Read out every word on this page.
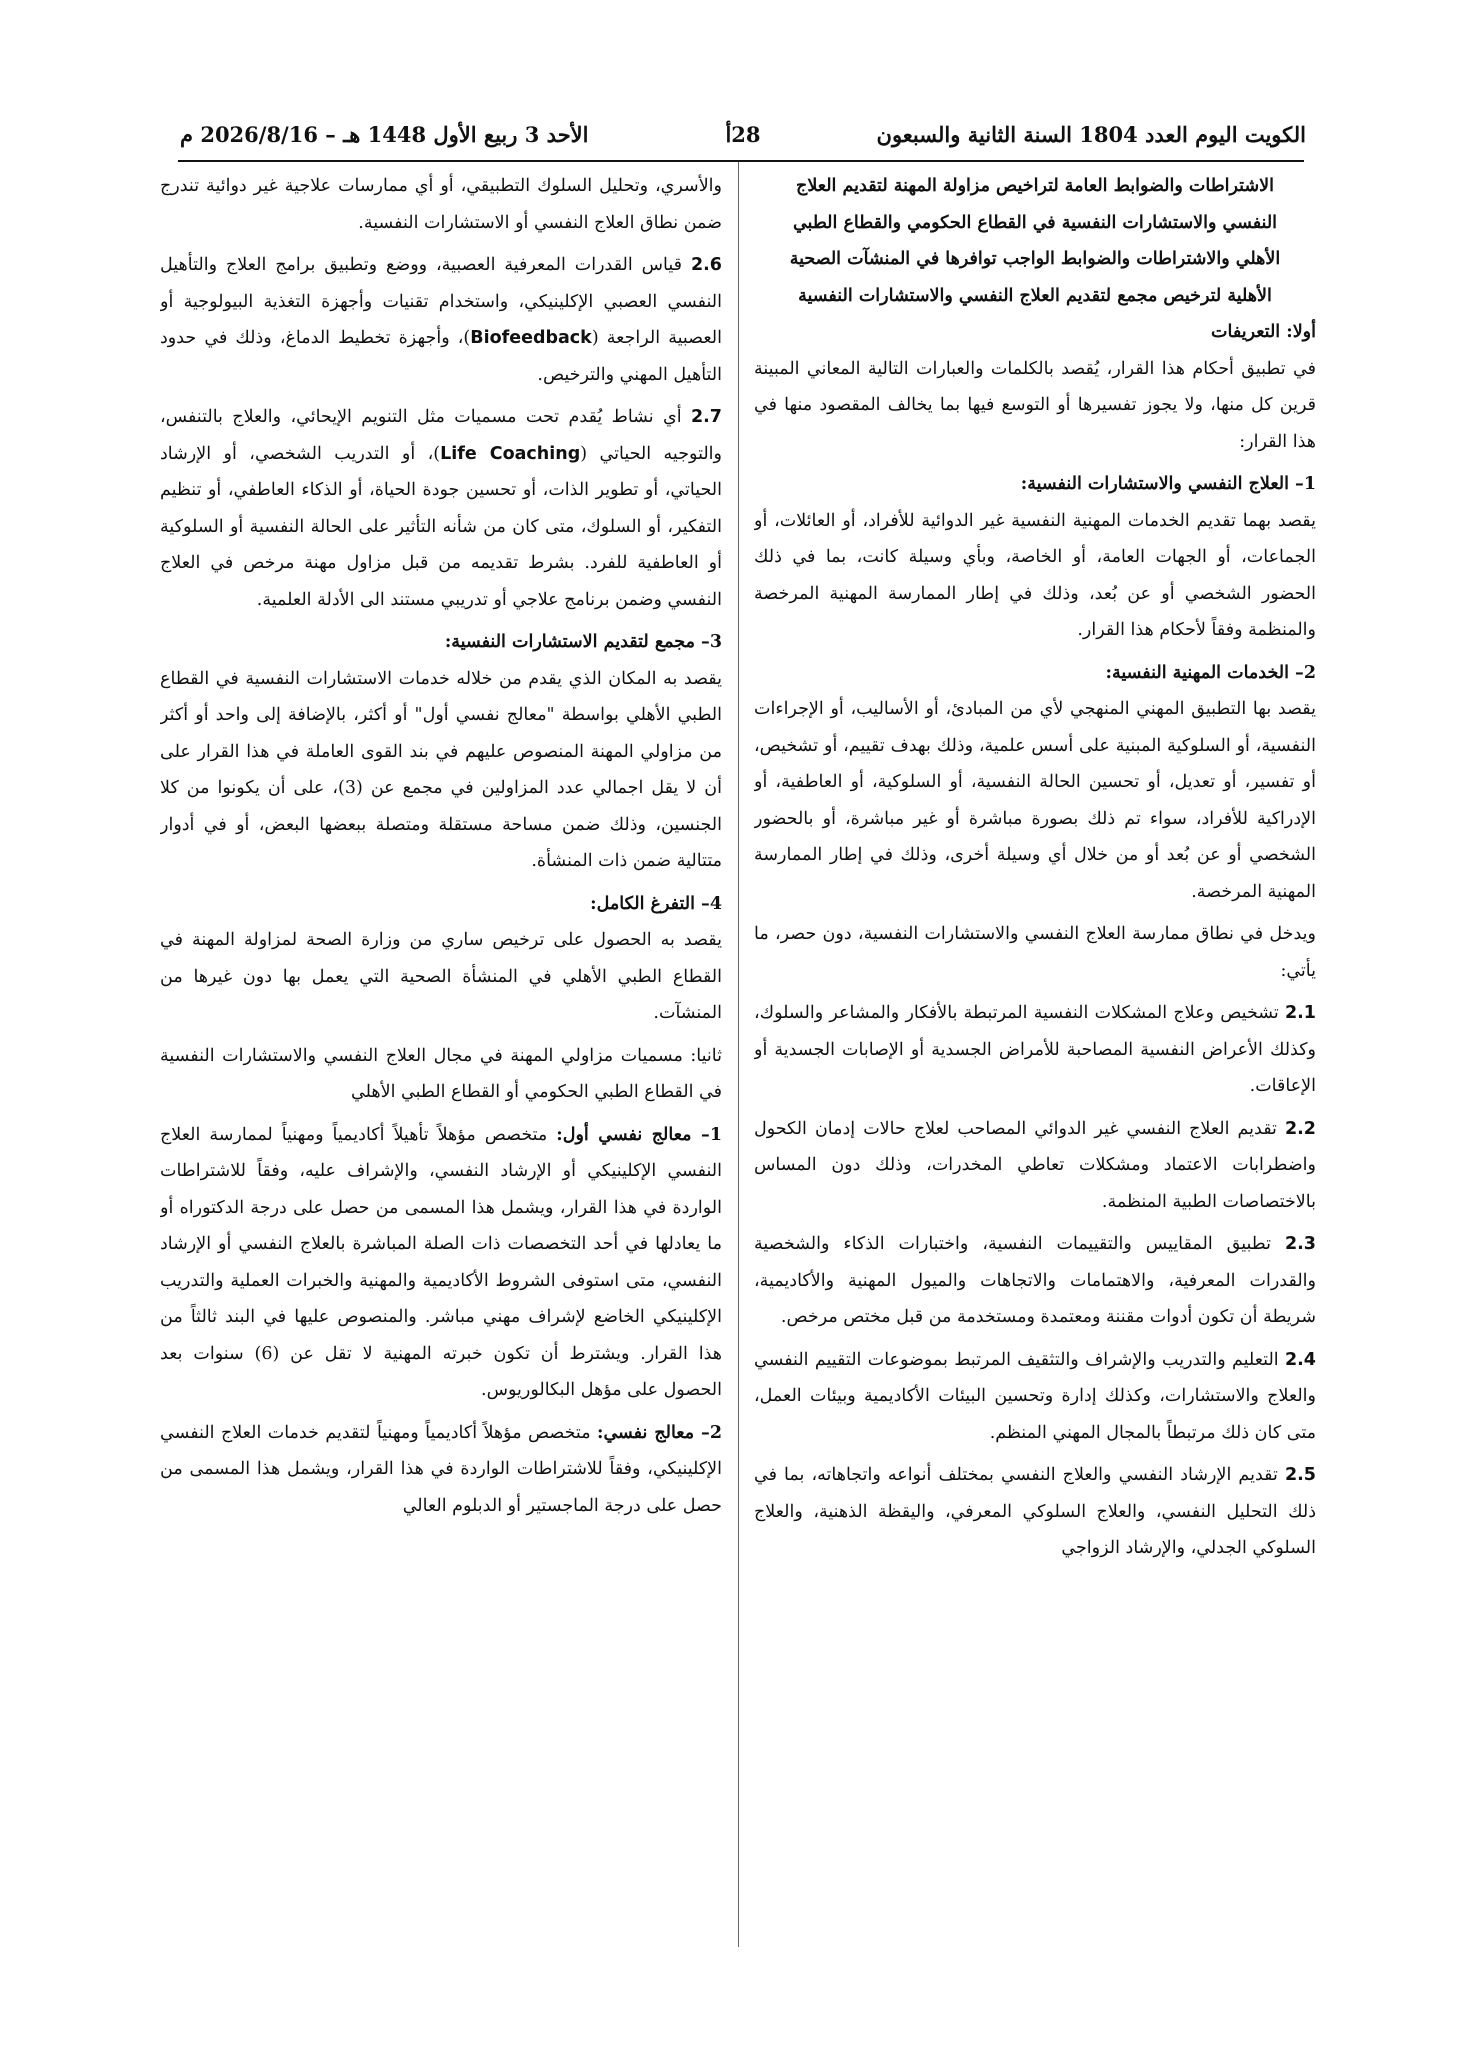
الكويت اليوم العدد 1804 السنة الثانية والسبعون
28أ
الأحد 3 ربيع الأول 1448 هـ – 2026/8/16 م

الاشتراطات والضوابط العامة لتراخيص مزاولة المهنة لتقديم العلاج

النفسي والاستشارات النفسية في القطاع الحكومي والقطاع الطبي

الأهلي والاشتراطات والضوابط الواجب توافرها في المنشآت الصحية

الأهلية لترخيص مجمع لتقديم العلاج النفسي والاستشارات النفسية

أولا: التعريفات

في تطبيق أحكام هذا القرار، يُقصد بالكلمات والعبارات التالية المعاني المبينة قرين كل منها، ولا يجوز تفسيرها أو التوسع فيها بما يخالف المقصود منها في هذا القرار:

1– العلاج النفسي والاستشارات النفسية:

يقصد بهما تقديم الخدمات المهنية النفسية غير الدوائية للأفراد، أو العائلات، أو الجماعات، أو الجهات العامة، أو الخاصة، وبأي وسيلة كانت، بما في ذلك الحضور الشخصي أو عن بُعد، وذلك في إطار الممارسة المهنية المرخصة والمنظمة وفقاً لأحكام هذا القرار.

2– الخدمات المهنية النفسية:

يقصد بها التطبيق المهني المنهجي لأي من المبادئ، أو الأساليب، أو الإجراءات النفسية، أو السلوكية المبنية على أسس علمية، وذلك بهدف تقييم، أو تشخيص، أو تفسير، أو تعديل، أو تحسين الحالة النفسية، أو السلوكية، أو العاطفية، أو الإدراكية للأفراد، سواء تم ذلك بصورة مباشرة أو غير مباشرة، أو بالحضور الشخصي أو عن بُعد أو من خلال أي وسيلة أخرى، وذلك في إطار الممارسة المهنية المرخصة.

ويدخل في نطاق ممارسة العلاج النفسي والاستشارات النفسية، دون حصر، ما يأتي:

2.1 تشخيص وعلاج المشكلات النفسية المرتبطة بالأفكار والمشاعر والسلوك، وكذلك الأعراض النفسية المصاحبة للأمراض الجسدية أو الإصابات الجسدية أو الإعاقات.

2.2 تقديم العلاج النفسي غير الدوائي المصاحب لعلاج حالات إدمان الكحول واضطرابات الاعتماد ومشكلات تعاطي المخدرات، وذلك دون المساس بالاختصاصات الطبية المنظمة.

2.3 تطبيق المقاييس والتقييمات النفسية، واختبارات الذكاء والشخصية والقدرات المعرفية، والاهتمامات والاتجاهات والميول المهنية والأكاديمية، شريطة أن تكون أدوات مقننة ومعتمدة ومستخدمة من قبل مختص مرخص.

2.4 التعليم والتدريب والإشراف والتثقيف المرتبط بموضوعات التقييم النفسي والعلاج والاستشارات، وكذلك إدارة وتحسين البيئات الأكاديمية وبيئات العمل، متى كان ذلك مرتبطاً بالمجال المهني المنظم.

2.5 تقديم الإرشاد النفسي والعلاج النفسي بمختلف أنواعه واتجاهاته، بما في ذلك التحليل النفسي، والعلاج السلوكي المعرفي، واليقظة الذهنية، والعلاج السلوكي الجدلي، والإرشاد الزواجي

والأسري، وتحليل السلوك التطبيقي، أو أي ممارسات علاجية غير دوائية تندرج ضمن نطاق العلاج النفسي أو الاستشارات النفسية.

2.6 قياس القدرات المعرفية العصبية، ووضع وتطبيق برامج العلاج والتأهيل النفسي العصبي الإكلينيكي، واستخدام تقنيات وأجهزة التغذية البيولوجية أو العصبية الراجعة (Biofeedback)، وأجهزة تخطيط الدماغ، وذلك في حدود التأهيل المهني والترخيص.

2.7 أي نشاط يُقدم تحت مسميات مثل التنويم الإيحائي، والعلاج بالتنفس، والتوجيه الحياتي (Life Coaching)، أو التدريب الشخصي، أو الإرشاد الحياتي، أو تطوير الذات، أو تحسين جودة الحياة، أو الذكاء العاطفي، أو تنظيم التفكير، أو السلوك، متى كان من شأنه التأثير على الحالة النفسية أو السلوكية أو العاطفية للفرد. بشرط تقديمه من قبل مزاول مهنة مرخص في العلاج النفسي وضمن برنامج علاجي أو تدريبي مستند الى الأدلة العلمية.

3– مجمع لتقديم الاستشارات النفسية:

يقصد به المكان الذي يقدم من خلاله خدمات الاستشارات النفسية في القطاع الطبي الأهلي بواسطة "معالج نفسي أول" أو أكثر، بالإضافة إلى واحد أو أكثر من مزاولي المهنة المنصوص عليهم في بند القوى العاملة في هذا القرار على أن لا يقل اجمالي عدد المزاولين في مجمع عن (3)، على أن يكونوا من كلا الجنسين، وذلك ضمن مساحة مستقلة ومتصلة ببعضها البعض، أو في أدوار متتالية ضمن ذات المنشأة.

4– التفرغ الكامل:

يقصد به الحصول على ترخيص ساري من وزارة الصحة لمزاولة المهنة في القطاع الطبي الأهلي في المنشأة الصحية التي يعمل بها دون غيرها من المنشآت.

ثانيا: مسميات مزاولي المهنة في مجال العلاج النفسي والاستشارات النفسية في القطاع الطبي الحكومي أو القطاع الطبي الأهلي

1– معالج نفسي أول: متخصص مؤهلاً تأهيلاً أكاديمياً ومهنياً لممارسة العلاج النفسي الإكلينيكي أو الإرشاد النفسي، والإشراف عليه، وفقاً للاشتراطات الواردة في هذا القرار، ويشمل هذا المسمى من حصل على درجة الدكتوراه أو ما يعادلها في أحد التخصصات ذات الصلة المباشرة بالعلاج النفسي أو الإرشاد النفسي، متى استوفى الشروط الأكاديمية والمهنية والخبرات العملية والتدريب الإكلينيكي الخاضع لإشراف مهني مباشر. والمنصوص عليها في البند ثالثاً من هذا القرار. ويشترط أن تكون خبرته المهنية لا تقل عن (6) سنوات بعد الحصول على مؤهل البكالوريوس.

2– معالج نفسي: متخصص مؤهلاً أكاديمياً ومهنياً لتقديم خدمات العلاج النفسي الإكلينيكي، وفقاً للاشتراطات الواردة في هذا القرار، ويشمل هذا المسمى من حصل على درجة الماجستير أو الدبلوم العالي
